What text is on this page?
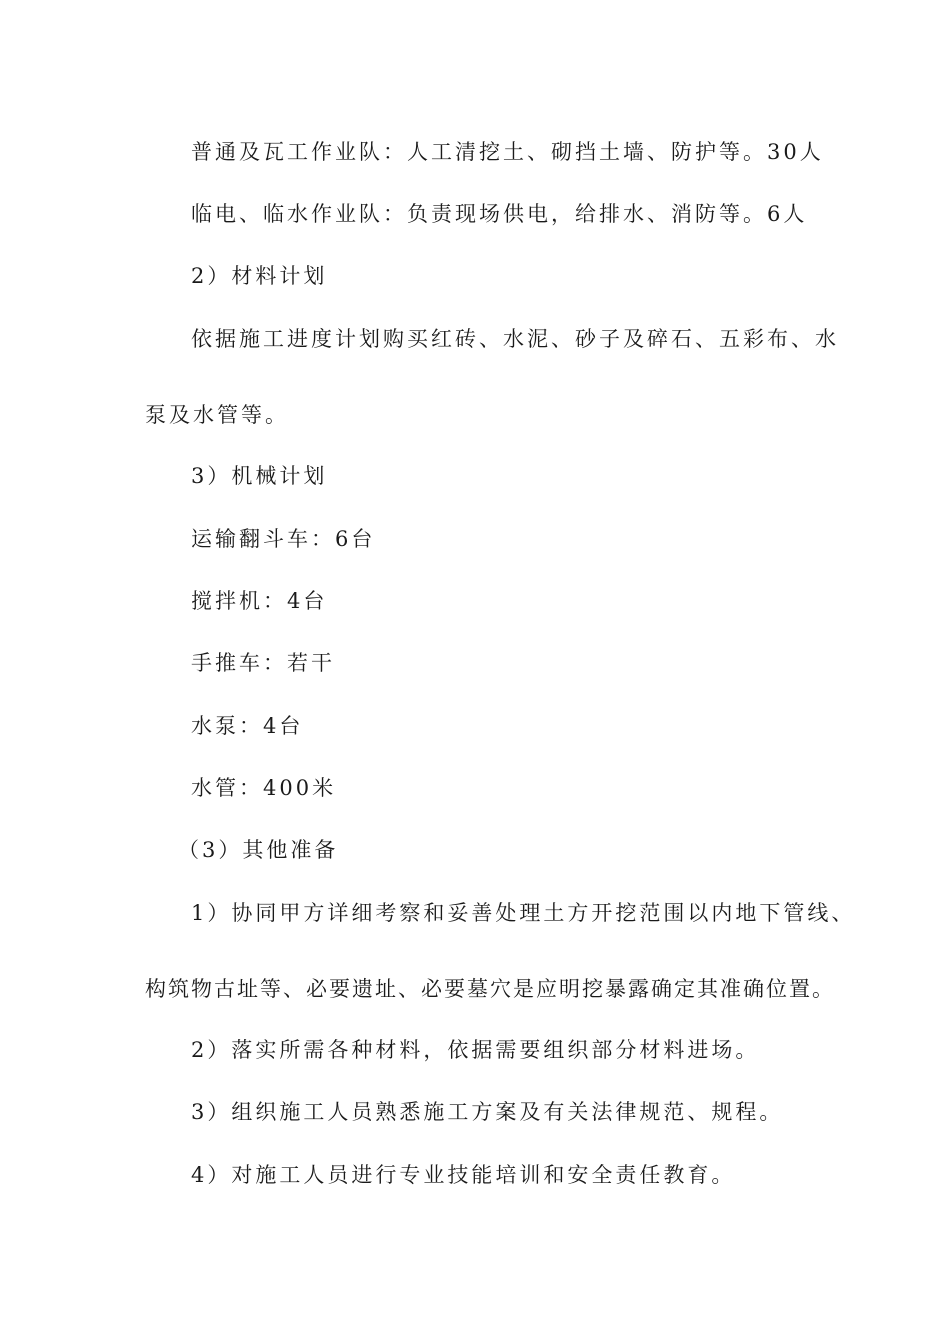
普通及瓦工作业队：人工清挖土、砌挡土墙、防护等。30人
临电、临水作业队：负责现场供电，给排水、消防等。6人
2）材料计划
依据施工进度计划购买红砖、水泥、砂子及碎石、五彩布、水
泵及水管等。
3）机械计划
运输翻斗车：6台
搅拌机：4台
手推车：若干
水泵：4台
水管：400米
（3）其他准备
1）协同甲方详细考察和妥善处理土方开挖范围以内地下管线、
构筑物古址等、必要遗址、必要墓穴是应明挖暴露确定其准确位置。
2）落实所需各种材料，依据需要组织部分材料进场。
3）组织施工人员熟悉施工方案及有关法律规范、规程。
4）对施工人员进行专业技能培训和安全责任教育。
